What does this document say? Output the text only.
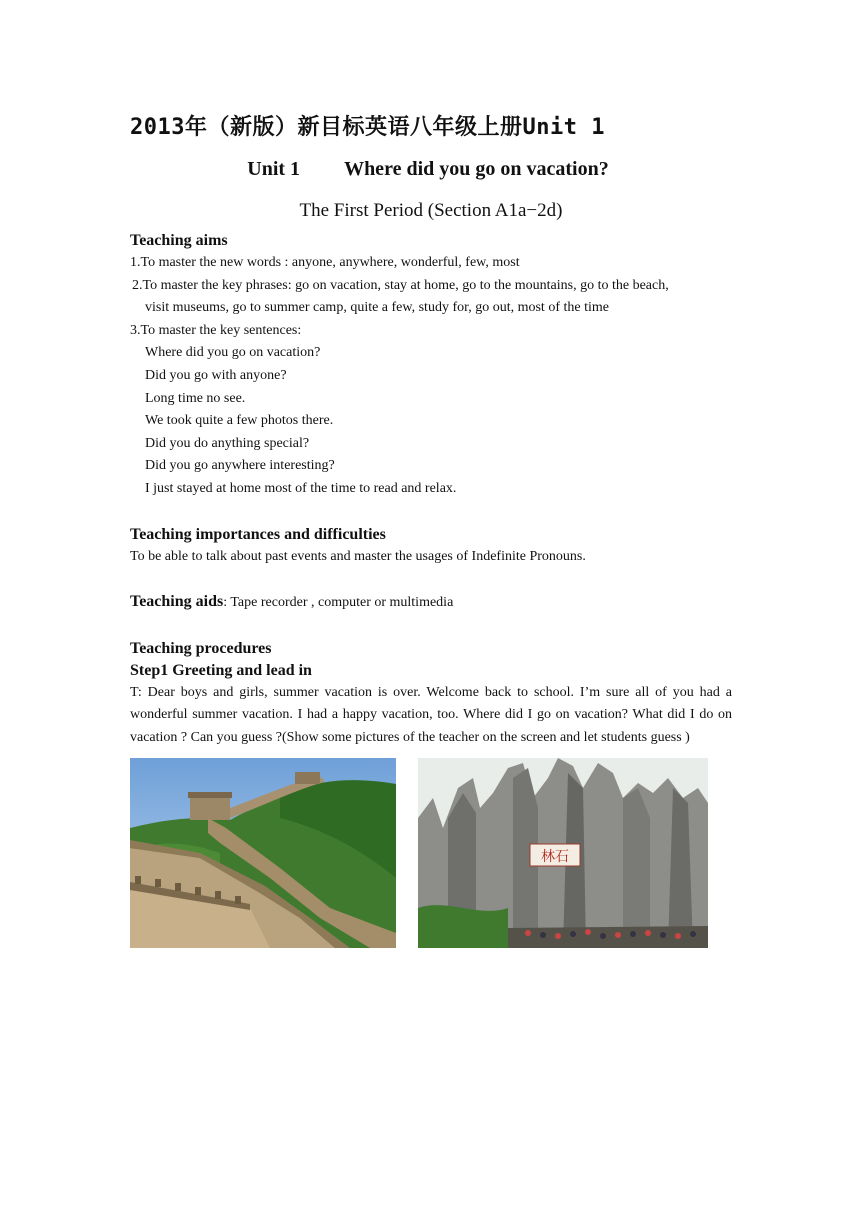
2013年（新版）新目标英语八年级上册Unit 1
Unit 1 Where did you go on vacation?
The First Period (Section A1a−2d)
Teaching aims
1.To master the new words : anyone, anywhere, wonderful, few, most
2.To master the key phrases: go on vacation, stay at home, go to the mountains, go to the beach,
visit museums, go to summer camp, quite a few, study for, go out, most of the time
3.To master the key sentences:
Where did you go on vacation?
Did you go with anyone?
Long time no see.
We took quite a few photos there.
Did you do anything special?
Did you go anywhere interesting?
I just stayed at home most of the time to read and relax.
Teaching importances and difficulties
To be able to talk about past events and master the usages of Indefinite Pronouns.
Teaching aids: Tape recorder , computer or multimedia
Teaching procedures
Step1 Greeting and lead in
T: Dear boys and girls, summer vacation is over. Welcome back to school. I’m sure all of you had a wonderful summer vacation. I had a happy vacation, too. Where did I go on vacation? What did I do on vacation ? Can you guess ?(Show some pictures of the teacher on the screen and let students guess )
林石
